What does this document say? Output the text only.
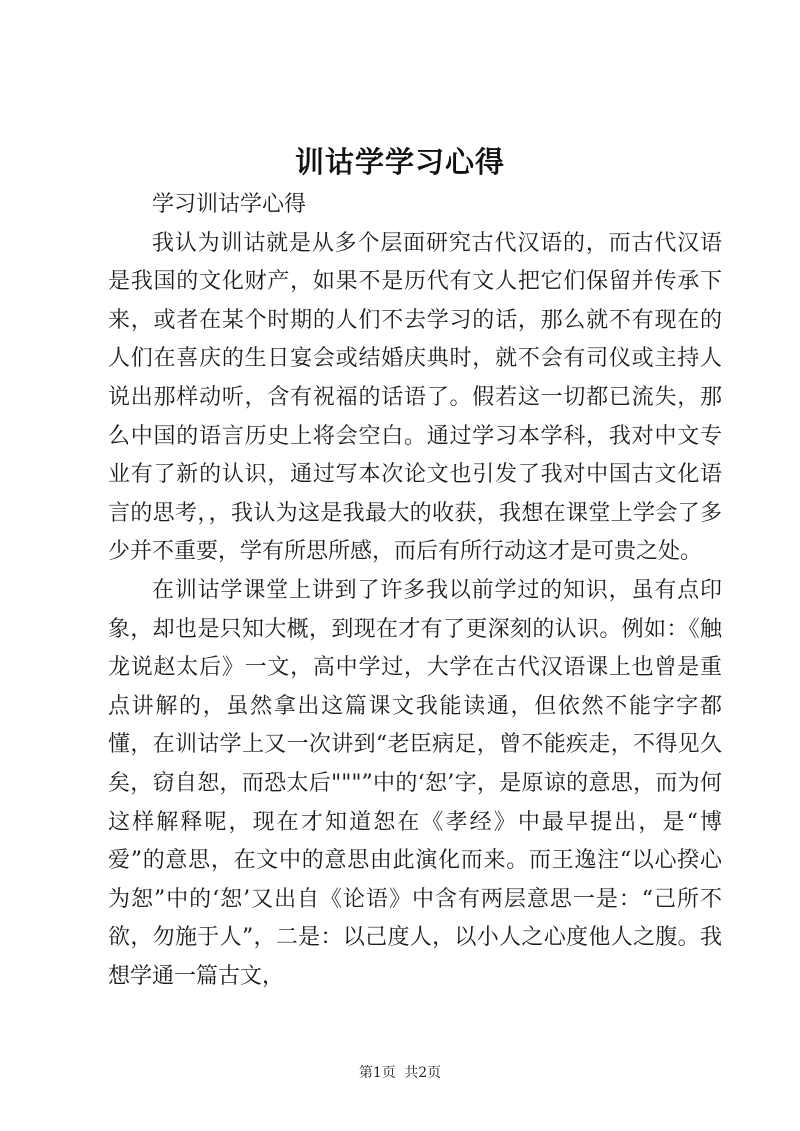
训诂学学习心得

学习训诂学心得

我认为训诂就是从多个层面研究古代汉语的，而古代汉语是我国的文化财产，如果不是历代有文人把它们保留并传承下来，或者在某个时期的人们不去学习的话，那么就不有现在的人们在喜庆的生日宴会或结婚庆典时，就不会有司仪或主持人说出那样动听，含有祝福的话语了。假若这一切都已流失，那么中国的语言历史上将会空白。通过学习本学科，我对中文专业有了新的认识，通过写本次论文也引发了我对中国古文化语言的思考，，我认为这是我最大的收获，我想在课堂上学会了多少并不重要，学有所思所感，而后有所行动这才是可贵之处。

在训诂学课堂上讲到了许多我以前学过的知识，虽有点印象，却也是只知大概，到现在才有了更深刻的认识。例如：《触龙说赵太后》一文，高中学过，大学在古代汉语课上也曾是重点讲解的，虽然拿出这篇课文我能读通，但依然不能字字都懂，在训诂学上又一次讲到“老臣病足，曾不能疾走，不得见久矣，窃自恕，而恐太后"""”中的‘恕’字，是原谅的意思，而为何这样解释呢，现在才知道恕在《孝经》中最早提出，是“博爱”的意思，在文中的意思由此演化而来。而王逸注“以心揆心为恕”中的‘恕’又出自《论语》中含有两层意思一是：“己所不欲，勿施于人”，二是：以己度人，以小人之心度他人之腹。我想学通一篇古文，

第1页 共2页
